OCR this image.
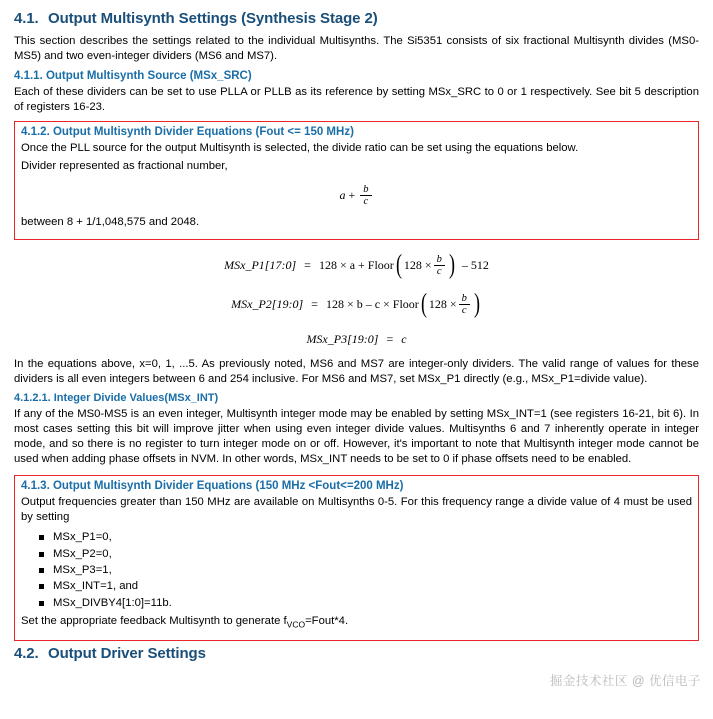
4.1. Output Multisynth Settings (Synthesis Stage 2)

This section describes the settings related to the individual Multisynths. The Si5351 consists of six fractional Multisynth divides (MS0-MS5) and two even-integer dividers (MS6 and MS7).

4.1.1. Output Multisynth Source (MSx_SRC)

Each of these dividers can be set to use PLLA or PLLB as its reference by setting MSx_SRC to 0 or 1 respectively. See bit 5 description of registers 16-23.

4.1.2. Output Multisynth Divider Equations (Fout <= 150 MHz)

Once the PLL source for the output Multisynth is selected, the divide ratio can be set using the equations below.

Divider represented as fractional number,

$a + \frac{b}{c}$

between 8 + 1/1,048,575 and 2048.

MSx_P1[17:0] = 128 × a + Floor ( $128 \times \frac{b}{c}$ ) – 512
MSx_P2[19:0] = 128 × b – c × Floor ( $128 \times \frac{b}{c}$ )
MSx_P3[19:0] = c

In the equations above, x=0, 1, ...5. As previously noted, MS6 and MS7 are integer-only dividers. The valid range of values for these dividers is all even integers between 6 and 254 inclusive. For MS6 and MS7, set MSx_P1 directly (e.g., MSx_P1=divide value).

4.1.2.1. Integer Divide Values(MSx_INT)

If any of the MS0-MS5 is an even integer, Multisynth integer mode may be enabled by setting MSx_INT=1 (see registers 16-21, bit 6). In most cases setting this bit will improve jitter when using even integer divide values. Multisynths 6 and 7 inherently operate in integer mode, and so there is no register to turn integer mode on or off. However, it's important to note that Multisynth integer mode cannot be used when adding phase offsets in NVM. In other words, MSx_INT needs to be set to 0 if phase offsets need to be enabled.

4.1.3. Output Multisynth Divider Equations (150 MHz <Fout<=200 MHz)

Output frequencies greater than 150 MHz are available on Multisynths 0-5. For this frequency range a divide value of 4 must be used by setting

MSx_P1=0,
MSx_P2=0,
MSx_P3=1,
MSx_INT=1, and
MSx_DIVBY4[1:0]=11b.

Set the appropriate feedback Multisynth to generate $f_{VCO}=Fout*4$.

4.2. Output Driver Settings
掘金技术社区 @ 优信电子
